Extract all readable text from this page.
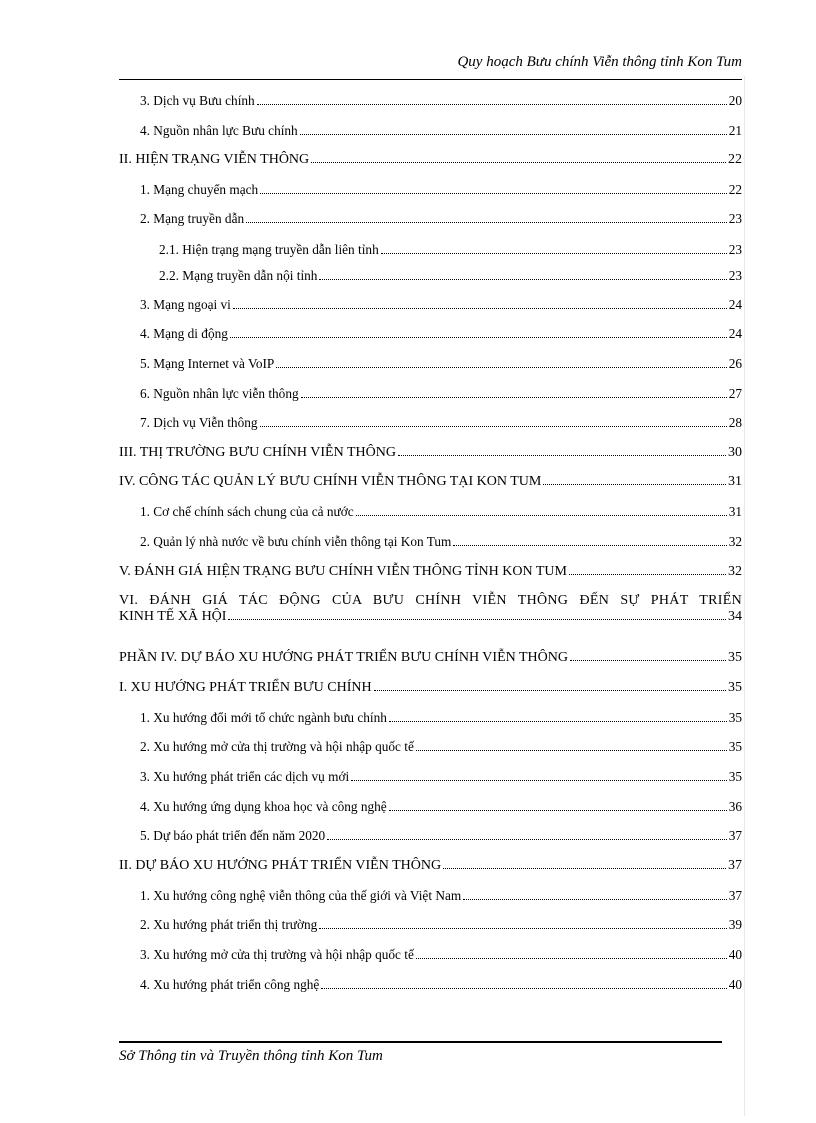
Quy hoạch Bưu chính Viễn thông tỉnh Kon Tum
3. Dịch vụ Bưu chính	20
4. Nguồn nhân lực Bưu chính	21
II. HIỆN TRẠNG VIỄN THÔNG	22
1. Mạng chuyển mạch	22
2. Mạng truyền dẫn	23
2.1. Hiện trạng mạng truyền dẫn liên tỉnh	23
2.2. Mạng truyền dẫn nội tỉnh	23
3. Mạng ngoại vi	24
4. Mạng di động	24
5. Mạng Internet và VoIP	26
6. Nguồn nhân lực viễn thông	27
7. Dịch vụ Viễn thông	28
III. THỊ TRƯỜNG BƯU CHÍNH VIỄN THÔNG	30
IV. CÔNG TÁC QUẢN LÝ BƯU CHÍNH VIỄN THÔNG TẠI KON TUM	31
1. Cơ chế chính sách chung của cả nước	31
2. Quản lý nhà nước về bưu chính viễn thông tại Kon Tum	32
V. ĐÁNH GIÁ HIỆN TRẠNG BƯU CHÍNH VIỄN THÔNG TỈNH KON TUM	32
VI. ĐÁNH GIÁ TÁC ĐỘNG CỦA BƯU CHÍNH VIỄN THÔNG ĐẾN SỰ PHÁT TRIỂN
KINH TẾ XÃ HỘI	34
PHẦN IV. DỰ BÁO XU HƯỚNG PHÁT TRIỂN BƯU CHÍNH VIỄN THÔNG	35
I. XU HƯỚNG PHÁT TRIỂN BƯU CHÍNH	35
1. Xu hướng đổi mới tổ chức ngành bưu chính	35
2. Xu hướng mở cửa thị trường và hội nhập quốc tế	35
3. Xu hướng phát triển các dịch vụ mới	35
4. Xu hướng ứng dụng khoa học và công nghệ	36
5. Dự báo phát triển đến năm 2020	37
II. DỰ BÁO XU HƯỚNG PHÁT TRIỂN VIỄN THÔNG	37
1. Xu hướng công nghệ viễn thông của thế giới và Việt Nam	37
2. Xu hướng phát triển thị trường	39
3. Xu hướng mở cửa thị trường và hội nhập quốc tế	40
4. Xu hướng phát triển công nghệ	40
Sở Thông tin và Truyền thông tỉnh Kon Tum
